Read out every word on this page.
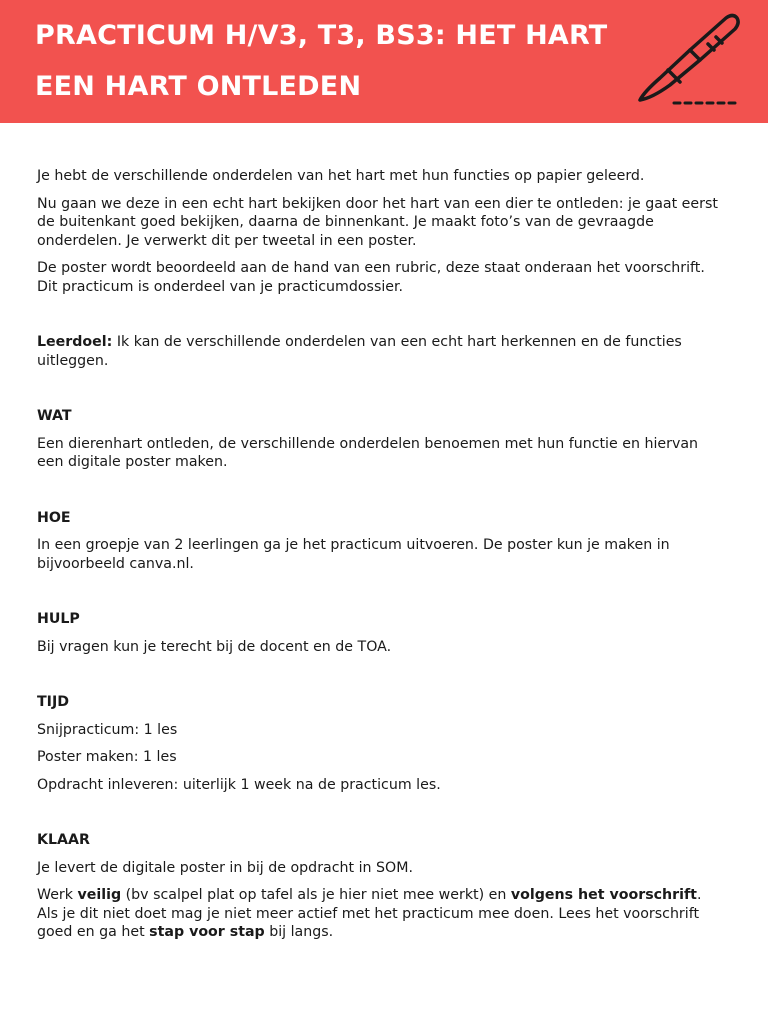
PRACTICUM H/V3, T3, BS3: HET HART
EEN HART ONTLEDEN

Je hebt de verschillende onderdelen van het hart met hun functies op papier geleerd.

Nu gaan we deze in een echt hart bekijken door het hart van een dier te ontleden: je gaat eerst de buitenkant goed bekijken, daarna de binnenkant. Je maakt foto’s van de gevraagde onderdelen. Je verwerkt dit per tweetal in een poster.

De poster wordt beoordeeld aan de hand van een rubric, deze staat onderaan het voorschrift. Dit practicum is onderdeel van je practicumdossier.

Leerdoel: Ik kan de verschillende onderdelen van een echt hart herkennen en de functies uitleggen.

WAT

Een dierenhart ontleden, de verschillende onderdelen benoemen met hun functie en hiervan een digitale poster maken.

HOE

In een groepje van 2 leerlingen ga je het practicum uitvoeren. De poster kun je maken in bijvoorbeeld canva.nl.

HULP

Bij vragen kun je terecht bij de docent en de TOA.

TIJD

Snijpracticum: 1 les

Poster maken: 1 les

Opdracht inleveren: uiterlijk 1 week na de practicum les.

KLAAR

Je levert de digitale poster in bij de opdracht in SOM.

Werk veilig (bv scalpel plat op tafel als je hier niet mee werkt) en volgens het voorschrift. Als je dit niet doet mag je niet meer actief met het practicum mee doen. Lees het voorschrift goed en ga het stap voor stap bij langs.
